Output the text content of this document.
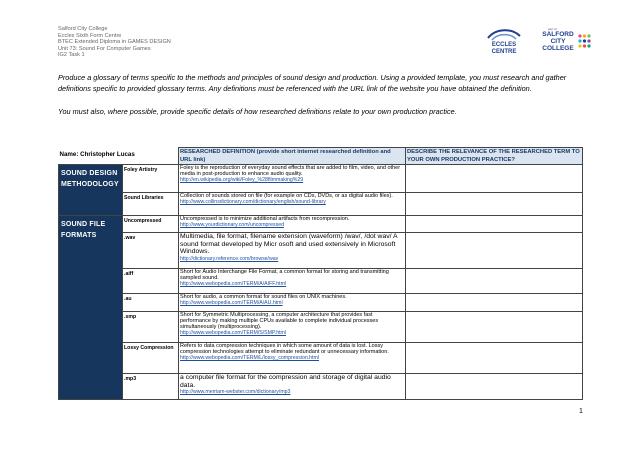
Salford City College
Eccles Sixth Form Centre
BTEC Extended Diploma in GAMES DESIGN
Unit 73: Sound For Computer Games
IG2 Task 1
ECCLES
CENTRE
part of
SALFORD
CITY
COLLEGE

Produce a glossary of terms specific to the methods and principles of sound design and production. Using a provided template, you must research and gather definitions specific to provided glossary terms. Any definitions must be referenced with the URL link of the website you have obtained the definition.

You must also, where possible, provide specific details of how researched definitions relate to your own production practice.

Name: Christopher Lucas		RESEARCHED DEFINITION (provide short internet researched definition and URL link)	DESCRIBE THE RELEVANCE OF THE RESEARCHED TERM TO YOUR OWN PRODUCTION PRACTICE?
SOUND DESIGN METHODOLOGY	Foley Artistry	Foley is the reproduction of everyday sound effects that are added to film, video, and other media in post-production to enhance audio quality.
http://en.wikipedia.org/wiki/Foley_%28filmmaking%29	

	Sound Libraries	Collection of sounds stored on file (for example on CDs, DVDs, or as digital audio files).
http://www.collinsdictionary.com/dictionary/english/sound-library	

SOUND FILE FORMATS	Uncompressed	Uncompressed is to minimize additional artifacts from recompression.
http://www.yourdictionary.com/uncompressed	

	.wav	Multimedia, file format, filename extension (waveform) /wav/, /dot wav/ A sound format developed by Micr osoft and used extensively in Microsoft Windows.
http://dictionary.reference.com/browse/wav	

	.aiff	Short for Audio Interchange File Format, a common format for storing and transmitting sampled sound.
http://www.webopedia.com/TERM/A/AIFF.html	

	.au	Short for audio, a common format for sound files on UNIX machines.
http://www.webopedia.com/TERM/A/AU.html	

	.smp	Short for Symmetric Multiprocessing, a computer architecture that provides fast performance by making multiple CPUs available to complete individual processes simultaneously (multiprocessing).
http://www.webopedia.com/TERM/S/SMP.html	

	Lossy Compression	Refers to data compression techniques in which some amount of data is lost. Lossy compression technologies attempt to eliminate redundant or unnecessary information.
http://www.webopedia.com/TERM/L/lossy_compression.html	

	.mp3	a computer file format for the compression and storage of digital audio data.
http://www.merriam-webster.com/dictionary/mp3	

1
